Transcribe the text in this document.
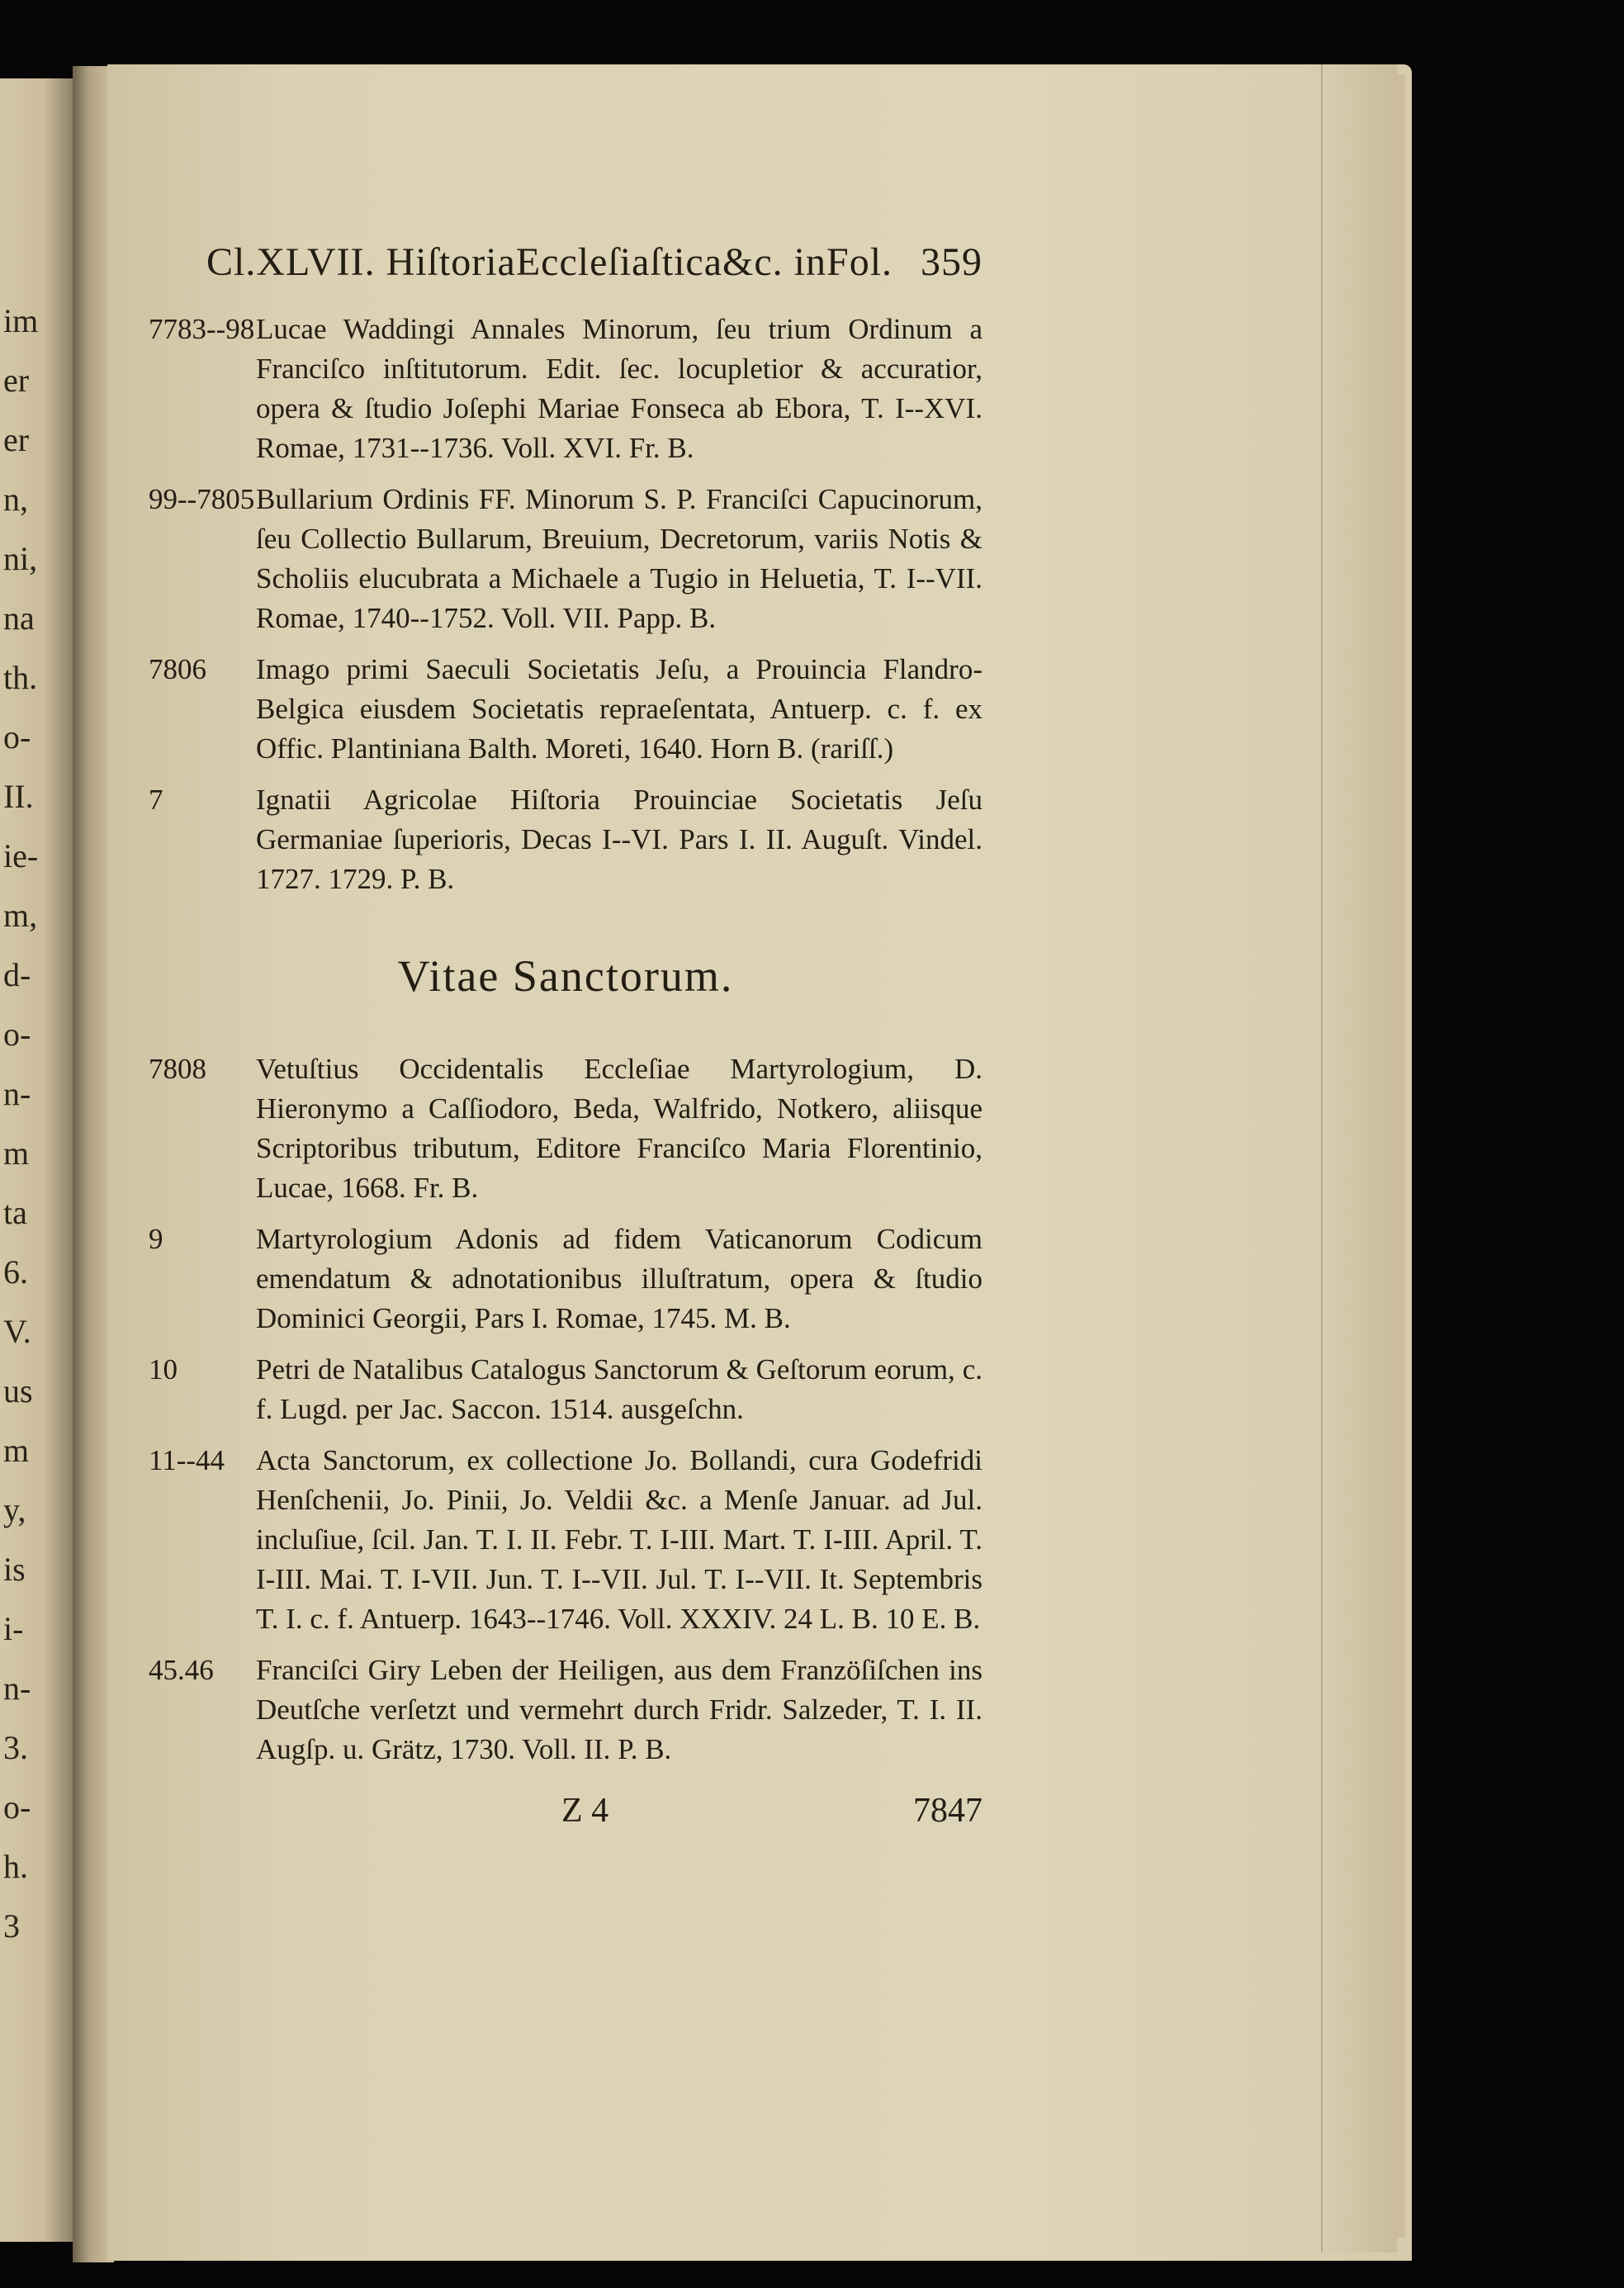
im
er
er
n,
ni,
na
th.
o-
II.
ie-
m,
d-
o-
n-
m
ta
6.
V.
us
m
y,
is
i-
n-
3.
o-
h.
3
Cl.XLVII. HiſtoriaEccleſiaſtica&c. inFol. 359
7783--98 Lucae Waddingi Annales Minorum, ſeu trium Ordinum a Franciſco inſtitutorum. Edit. ſec. locupletior & accuratior, opera & ſtudio Joſephi Mariae Fonseca ab Ebora, T. I--XVI. Romae, 1731--1736. Voll. XVI. Fr. B.
99--7805 Bullarium Ordinis FF. Minorum S. P. Franciſci Capucinorum, ſeu Collectio Bullarum, Breuium, Decretorum, variis Notis & Scholiis elucubrata a Michaele a Tugio in Heluetia, T. I--VII. Romae, 1740--1752. Voll. VII. Papp. B.
7806	Imago primi Saeculi Societatis Jeſu, a Prouincia Flandro-Belgica eiusdem Societatis repraeſentata, Antuerp. c. f. ex Offic. Plantiniana Balth. Moreti, 1640. Horn B. (rariſſ.)
7	Ignatii Agricolae Hiſtoria Prouinciae Societatis Jeſu Germaniae ſuperioris, Decas I--VI. Pars I. II. Auguſt. Vindel. 1727. 1729. P. B.
Vitae Sanctorum.
7808	Vetuſtius Occidentalis Eccleſiae Martyrologium, D. Hieronymo a Caſſiodoro, Beda, Walfrido, Notkero, aliisque Scriptoribus tributum, Editore Franciſco Maria Florentinio, Lucae, 1668. Fr. B.
9	Martyrologium Adonis ad fidem Vaticanorum Codicum emendatum & adnotationibus illuſtratum, opera & ſtudio Dominici Georgii, Pars I. Romae, 1745. M. B.
10	Petri de Natalibus Catalogus Sanctorum & Geſtorum eorum, c. f. Lugd. per Jac. Saccon. 1514. ausgeſchn.
11--44	Acta Sanctorum, ex collectione Jo. Bollandi, cura Godefridi Henſchenii, Jo. Pinii, Jo. Veldii &c. a Menſe Januar. ad Jul. incluſiue, ſcil. Jan. T. I. II. Febr. T. I-III. Mart. T. I-III. April. T. I-III. Mai. T. I-VII. Jun. T. I--VII. Jul. T. I--VII. It. Septembris T. I. c. f. Antuerp. 1643--1746. Voll. XXXIV. 24 L. B. 10 E. B.
45.46	Franciſci Giry Leben der Heiligen, aus dem Franzöſiſchen ins Deutſche verſetzt und vermehrt durch Fridr. Salzeder, T. I. II. Augſp. u. Grätz, 1730. Voll. II. P. B.
Z 4	7847
